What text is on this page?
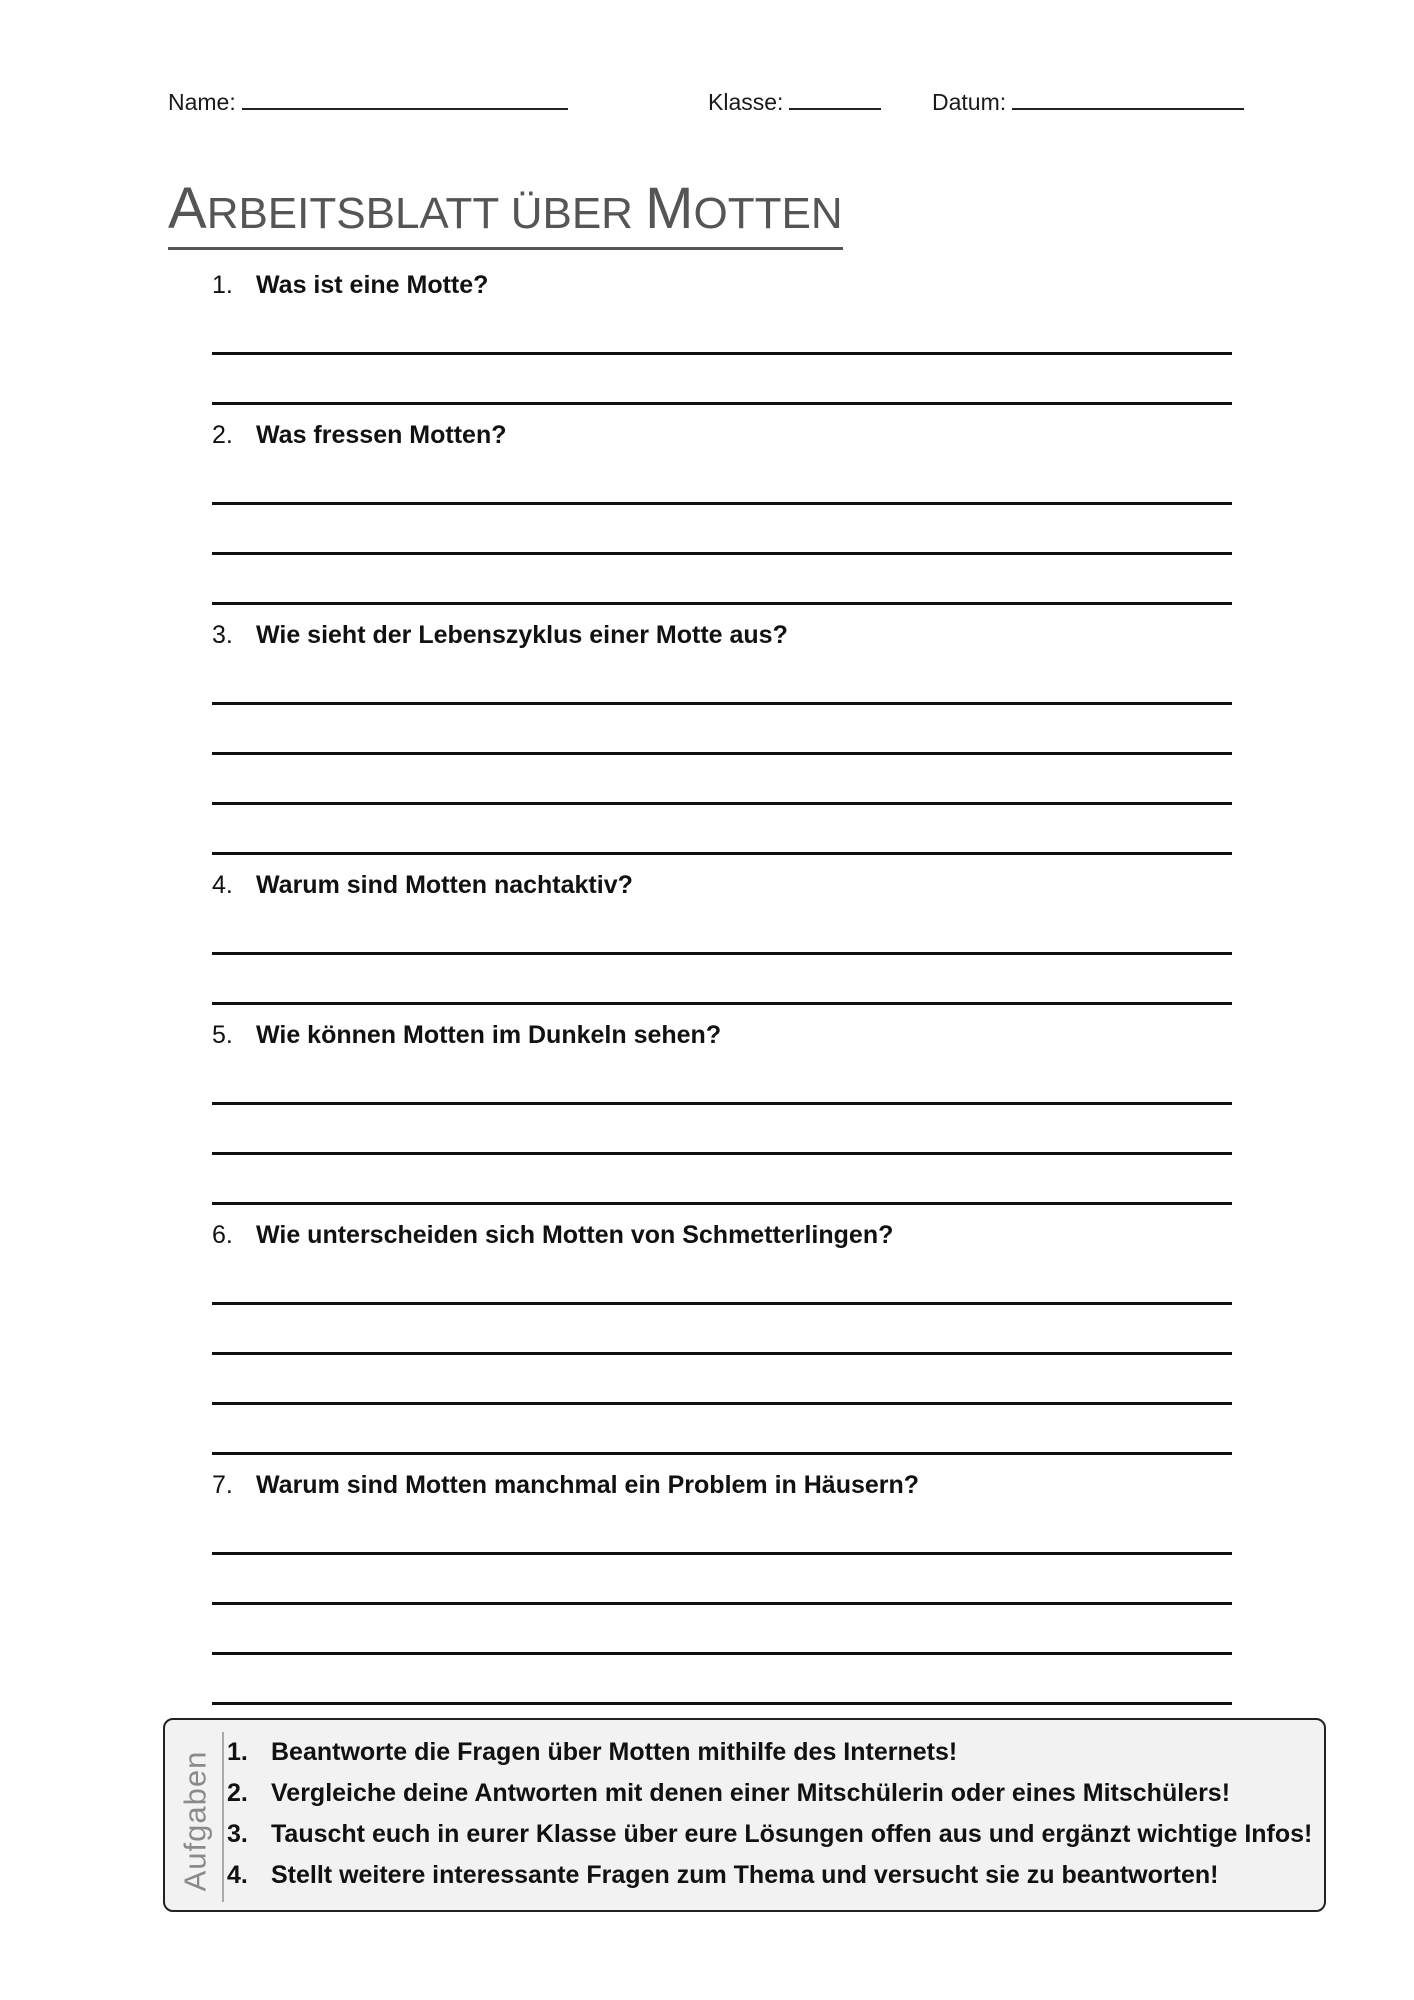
Name:	Klasse:	Datum:
ARBEITSBLATT ÜBER MOTTEN
1. Was ist eine Motte?
2. Was fressen Motten?
3. Wie sieht der Lebenszyklus einer Motte aus?
4. Warum sind Motten nachtaktiv?
5. Wie können Motten im Dunkeln sehen?
6. Wie unterscheiden sich Motten von Schmetterlingen?
7. Warum sind Motten manchmal ein Problem in Häusern?
Aufgaben 1. Beantworte die Fragen über Motten mithilfe des Internets!
2. Vergleiche deine Antworten mit denen einer Mitschülerin oder eines Mitschülers!
3. Tauscht euch in eurer Klasse über eure Lösungen offen aus und ergänzt wichtige Infos!
4. Stellt weitere interessante Fragen zum Thema und versucht sie zu beantworten!
